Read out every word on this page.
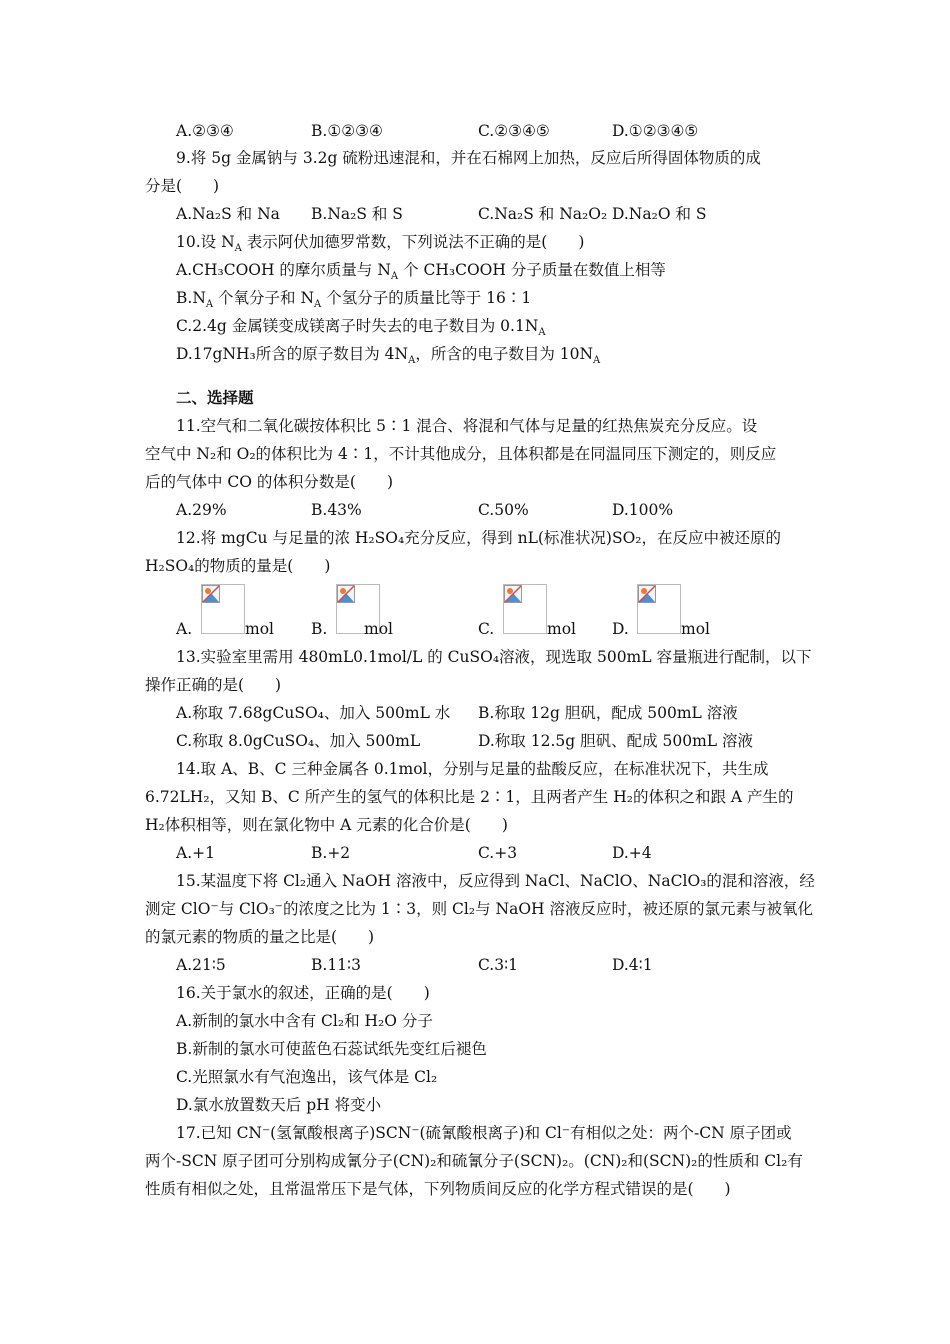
A.②③④	B.①②③④	C.②③④⑤	D.①②③④⑤
9.将 5g 金属钠与 3.2g 硫粉迅速混和，并在石棉网上加热，反应后所得固体物质的成
分是(　　)
A.Na₂S 和 Na B.Na₂S 和 S	C.Na₂S 和 Na₂O₂ D.Na₂O 和 S
10.设 $N_A$ 表示阿伏加德罗常数，下列说法不正确的是(　　)
A.CH₃COOH 的摩尔质量与 $N_A$ 个 CH₃COOH 分子质量在数值上相等
$B.N_A$ 个氧分子和 $N_A$ 个氢分子的质量比等于 16∶1
C.2.4g 金属镁变成镁离子时失去的电子数目为 $0.1N_A$
D.17gNH₃所含的原子数目为 $4N_A$，所含的电子数目为 $10N_A$
二、选择题
11.空气和二氧化碳按体积比 5∶1 混合、将混和气体与足量的红热焦炭充分反应。设
空气中 N₂和 O₂的体积比为 4∶1，不计其他成分，且体积都是在同温同压下测定的，则反应
后的气体中 CO 的体积分数是(　　)
A.29%	B.43%	C.50%	D.100%
12.将 mgCu 与足量的浓 H₂SO₄充分反应，得到 nL(标准状况)SO₂，在反应中被还原的
H₂SO₄的物质的量是(　　)
A.	mol B. mol	C.	mol D.	mol
13.实验室里需用 480mL0.1mol/L 的 CuSO₄溶液，现选取 500mL 容量瓶进行配制，以下
操作正确的是(　　)
A.称取 7.68gCuSO₄、加入 500mL 水 B.称取 12g 胆矾，配成 500mL 溶液
C.称取 8.0gCuSO₄、加入 500mL	D.称取 12.5g 胆矾、配成 500mL 溶液
14.取 A、B、C 三种金属各 0.1mol，分别与足量的盐酸反应，在标准状况下，共生成
6.72LH₂，又知 B、C 所产生的氢气的体积比是 2∶1，且两者产生 H₂的体积之和跟 A 产生的
H₂体积相等，则在氯化物中 A 元素的化合价是(　　)
A.+1	B.+2	C.+3	D.+4
15.某温度下将 Cl₂通入 NaOH 溶液中，反应得到 NaCl、NaClO、NaClO₃的混和溶液，经
测定 ClO⁻与 ClO₃⁻的浓度之比为 1∶3，则 Cl₂与 NaOH 溶液反应时，被还原的氯元素与被氧化
的氯元素的物质的量之比是(　　)
A.21∶5	B.11∶3	C.3∶1	D.4∶1
16.关于氯水的叙述，正确的是(　　)
A.新制的氯水中含有 Cl₂和 H₂O 分子
B.新制的氯水可使蓝色石蕊试纸先变红后褪色
C.光照氯水有气泡逸出，该气体是 Cl₂
D.氯水放置数天后 pH 将变小
17.已知 CN⁻(氢氰酸根离子)SCN⁻(硫氰酸根离子)和 Cl⁻有相似之处：两个-CN 原子团或
两个-SCN 原子团可分别构成氰分子(CN)₂和硫氰分子(SCN)₂。(CN)₂和(SCN)₂的性质和 Cl₂有
性质有相似之处，且常温常压下是气体，下列物质间反应的化学方程式错误的是(　　)
